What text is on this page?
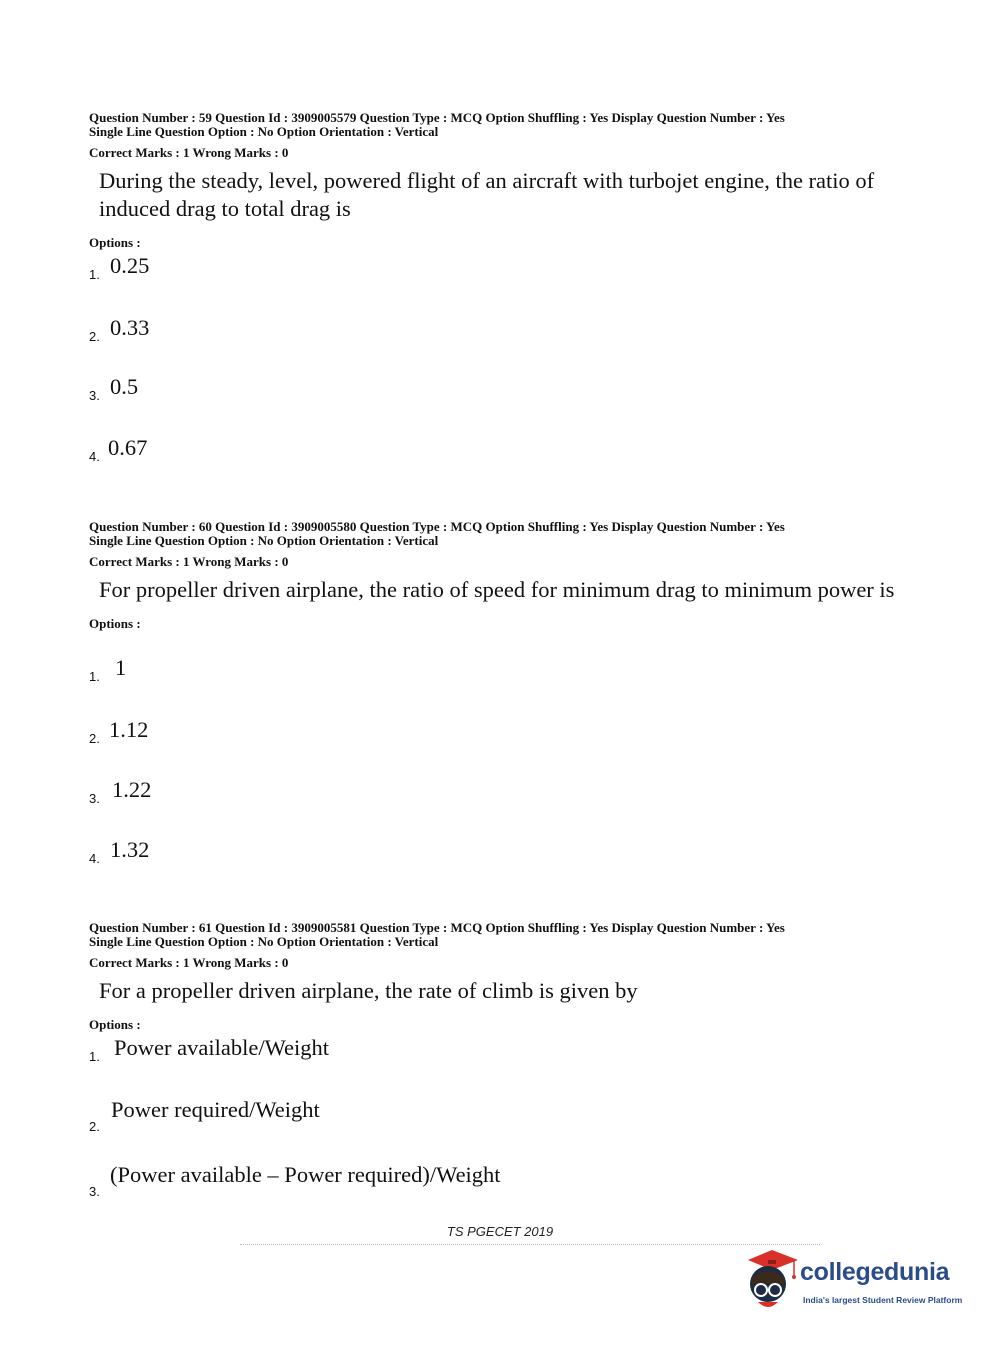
Question Number : 59 Question Id : 3909005579 Question Type : MCQ Option Shuffling : Yes Display Question Number : Yes
Single Line Question Option : No Option Orientation : Vertical
Correct Marks : 1 Wrong Marks : 0
During the steady, level, powered flight of an aircraft with turbojet engine, the ratio of induced drag to total drag is
Options :
1. 0.25
2. 0.33
3. 0.5
4. 0.67
Question Number : 60 Question Id : 3909005580 Question Type : MCQ Option Shuffling : Yes Display Question Number : Yes
Single Line Question Option : No Option Orientation : Vertical
Correct Marks : 1 Wrong Marks : 0
For propeller driven airplane, the ratio of speed for minimum drag to minimum power is
Options :
1. 1
2. 1.12
3. 1.22
4. 1.32
Question Number : 61 Question Id : 3909005581 Question Type : MCQ Option Shuffling : Yes Display Question Number : Yes
Single Line Question Option : No Option Orientation : Vertical
Correct Marks : 1 Wrong Marks : 0
For a propeller driven airplane, the rate of climb is given by
Options :
1. Power available/Weight
2.
Power required/Weight
3.
(Power available – Power required)/Weight
TS PGECET 2019
collegedunia
India's largest Student Review Platform
